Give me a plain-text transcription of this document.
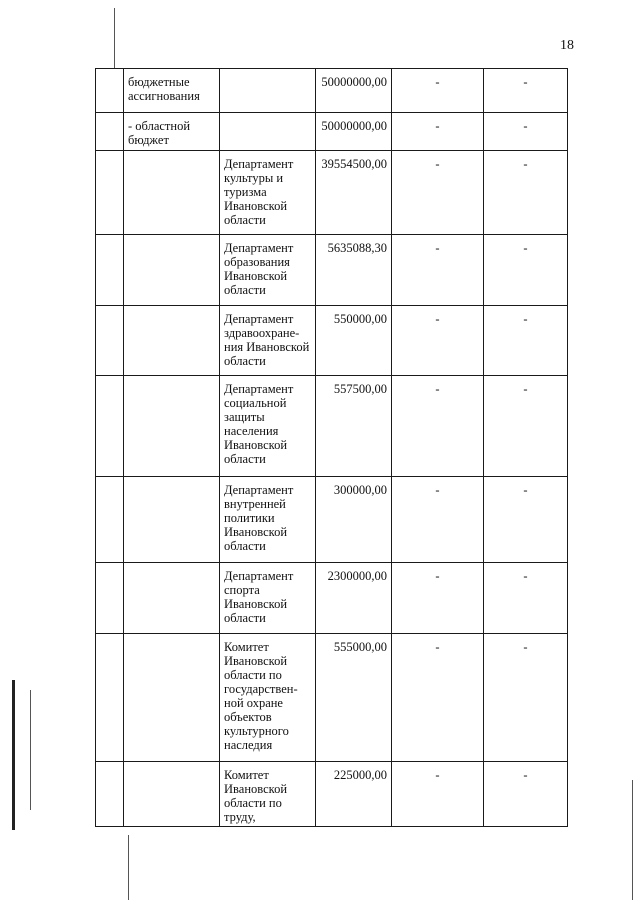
18
	бюджетные ассигнования		50000000,00	-	-
	- областной бюджет		50000000,00	-	-
		Департамент культуры и туризма Ивановской области	39554500,00	-	-
		Департамент образования Ивановской области	5635088,30	-	-
		Департамент здравоохране-ния Ивановской области	550000,00	-	-
		Департамент социальной защиты населения Ивановской области	557500,00	-	-
		Департамент внутренней политики Ивановской области	300000,00	-	-
		Департамент спорта Ивановской области	2300000,00	-	-
		Комитет Ивановской области по государствен-ной охране объектов культурного наследия	555000,00	-	-
		Комитет Ивановской области по труду,	225000,00	-	-
